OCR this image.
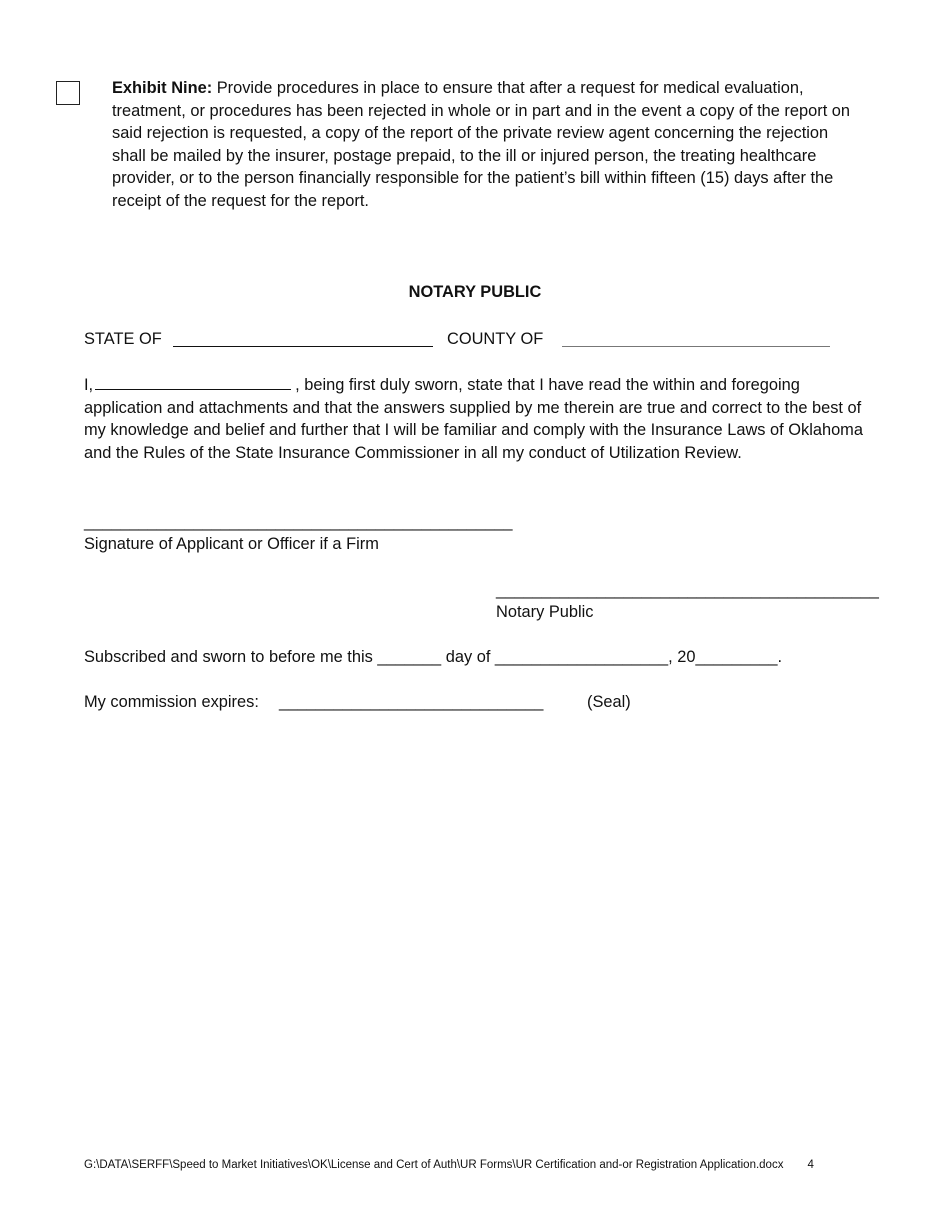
Exhibit Nine: Provide procedures in place to ensure that after a request for medical evaluation, treatment, or procedures has been rejected in whole or in part and in the event a copy of the report on said rejection is requested, a copy of the report of the private review agent concerning the rejection shall be mailed by the insurer, postage prepaid, to the ill or injured person, the treating healthcare provider, or to the person financially responsible for the patient’s bill within fifteen (15) days after the receipt of the request for the report.
NOTARY PUBLIC
STATE OF	COUNTY OF
I,	, being first duly sworn, state that I have read the within and foregoing application and attachments and that the answers supplied by me therein are true and correct to the best of my knowledge and belief and further that I will be familiar and comply with the Insurance Laws of Oklahoma and the Rules of the State Insurance Commissioner in all my conduct of Utilization Review.
_______________________________________________
Signature of Applicant or Officer if a Firm
__________________________________________
Notary Public
Subscribed and sworn to before me this _______ day of ___________________, 20_________.
My commission expires: _____________________________	(Seal)
G:\DATA\SERFF\Speed to Market Initiatives\OK\License and Cert of Auth\UR Forms\UR Certification and-or Registration Application.docx 4
